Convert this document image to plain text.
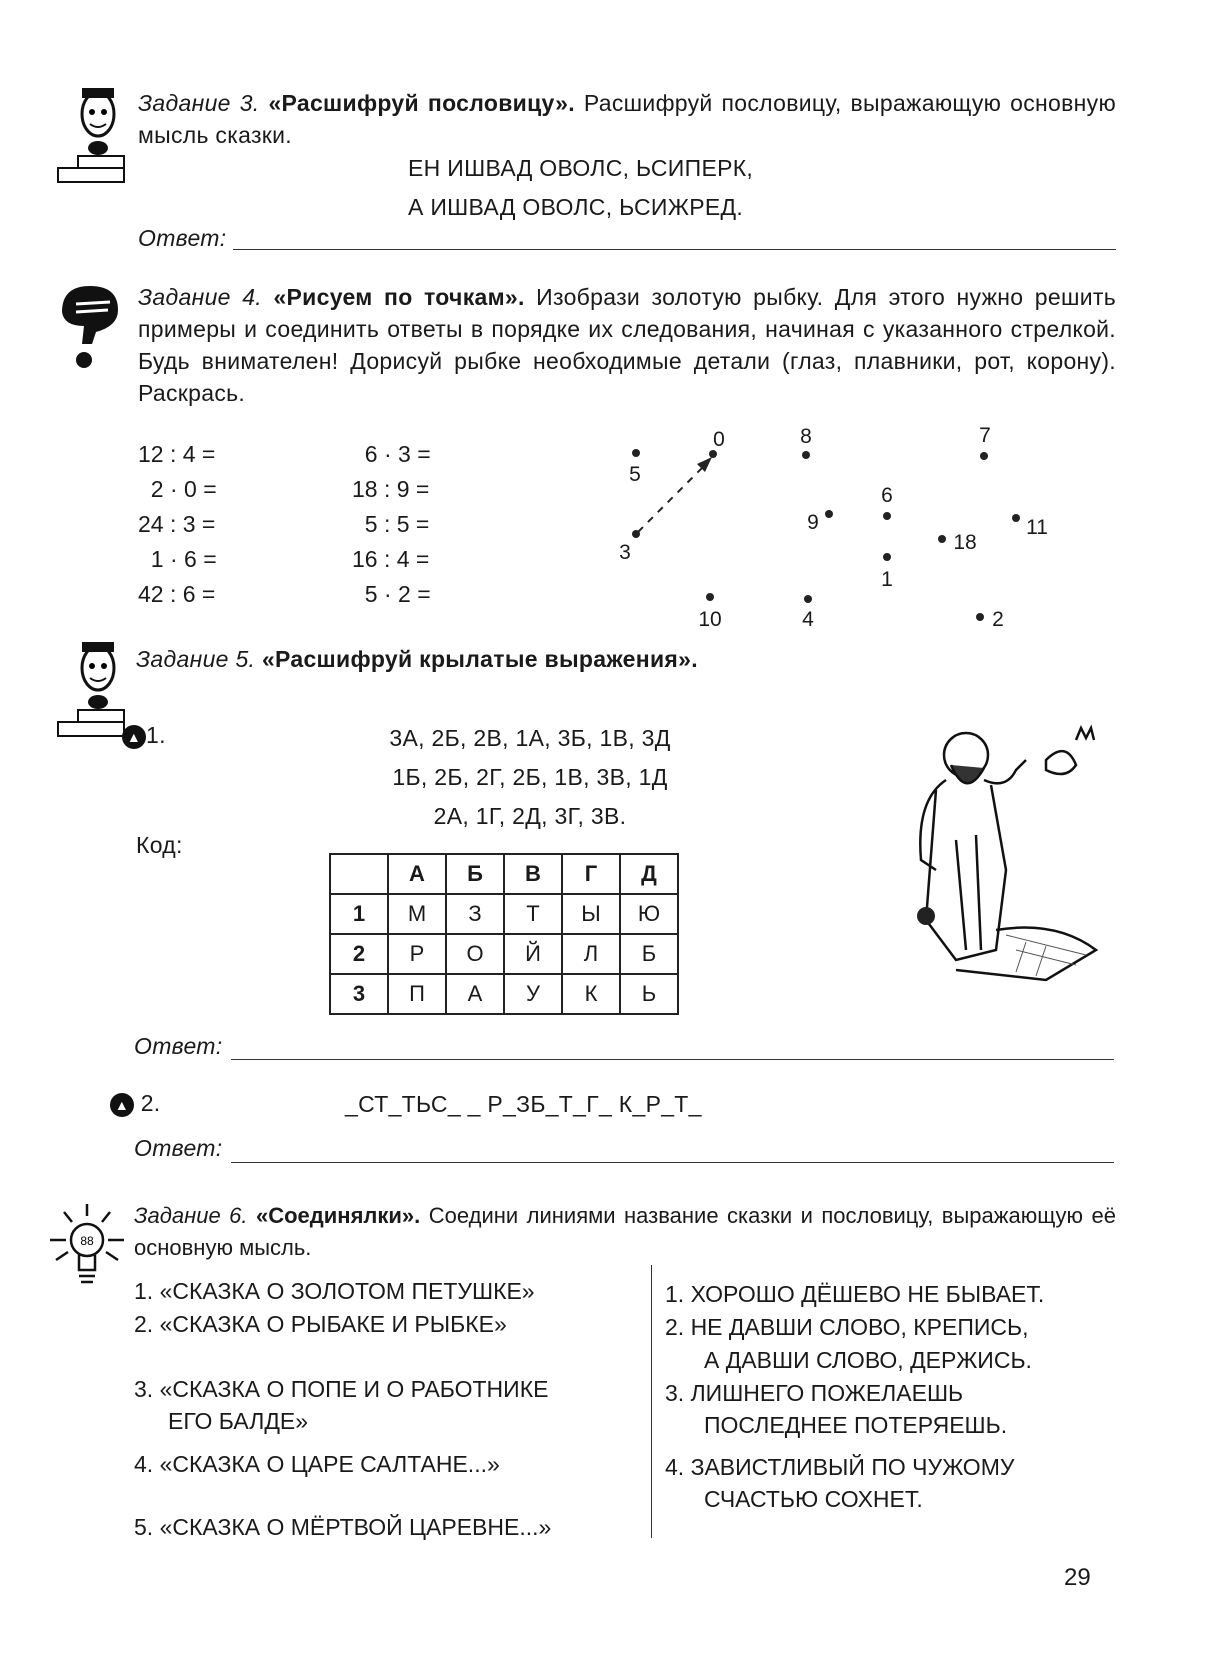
Задание 3. «Расшифруй пословицу». Расшифруй пословицу, выражающую основную мысль сказки.
ЕН ИШВАД ОВОЛС, ЬСИПЕРК,
А ИШВАД ОВОЛС, ЬСИЖРЕД.
Ответ:
Задание 4. «Рисуем по точкам». Изобрази золотую рыбку. Для этого нужно решить примеры и соединить ответы в порядке их следования, начиная с указанного стрелкой. Будь внимателен! Дорисуй рыбке необходимые детали (глаз, плавники, рот, корону). Раскрась.
12 : 4 =
2 · 0 =
24 : 3 =
1 · 6 =
42 : 6 =
6 · 3 =
18 : 9 =
5 : 5 =
16 : 4 =
5 · 2 =
5
0	8	7
6
9	11
18
1
3
10	4	2
Задание 5. «Расшифруй крылатые выражения».
▲ 1.	3А, 2Б, 2В, 1А, 3Б, 1В, 3Д
1Б, 2Б, 2Г, 2Б, 1В, 3В, 1Д
2А, 1Г, 2Д, 3Г, 3В.
Код:
	А	Б	В	Г	Д
1	М	З	Т	Ы	Ю
2	Р	О	Й	Л	Б
3	П	А	У	К	Ь
Ответ:
▲ 2.	_СТ_ТЬС_ _ Р_ЗБ_Т_Г_ К_Р_Т_
Ответ:
88
Задание 6. «Соединялки». Соедини линиями название сказки и пословицу, выражающую её основную мысль.
1. «СКАЗКА О ЗОЛОТОМ ПЕТУШКЕ»
2. «СКАЗКА О РЫБАКЕ И РЫБКЕ»
3. «СКАЗКА О ПОПЕ И О РАБОТНИКЕ
ЕГО БАЛДЕ»
4. «СКАЗКА О ЦАРЕ САЛТАНЕ...»
5. «СКАЗКА О МЁРТВОЙ ЦАРЕВНЕ...»
1. ХОРОШО ДЁШЕВО НЕ БЫВАЕТ.
2. НЕ ДАВШИ СЛОВО, КРЕПИСЬ,
А ДАВШИ СЛОВО, ДЕРЖИСЬ.
3. ЛИШНЕГО ПОЖЕЛАЕШЬ
ПОСЛЕДНЕЕ ПОТЕРЯЕШЬ.
4. ЗАВИСТЛИВЫЙ ПО ЧУЖОМУ
СЧАСТЬЮ СОХНЕТ.
29
